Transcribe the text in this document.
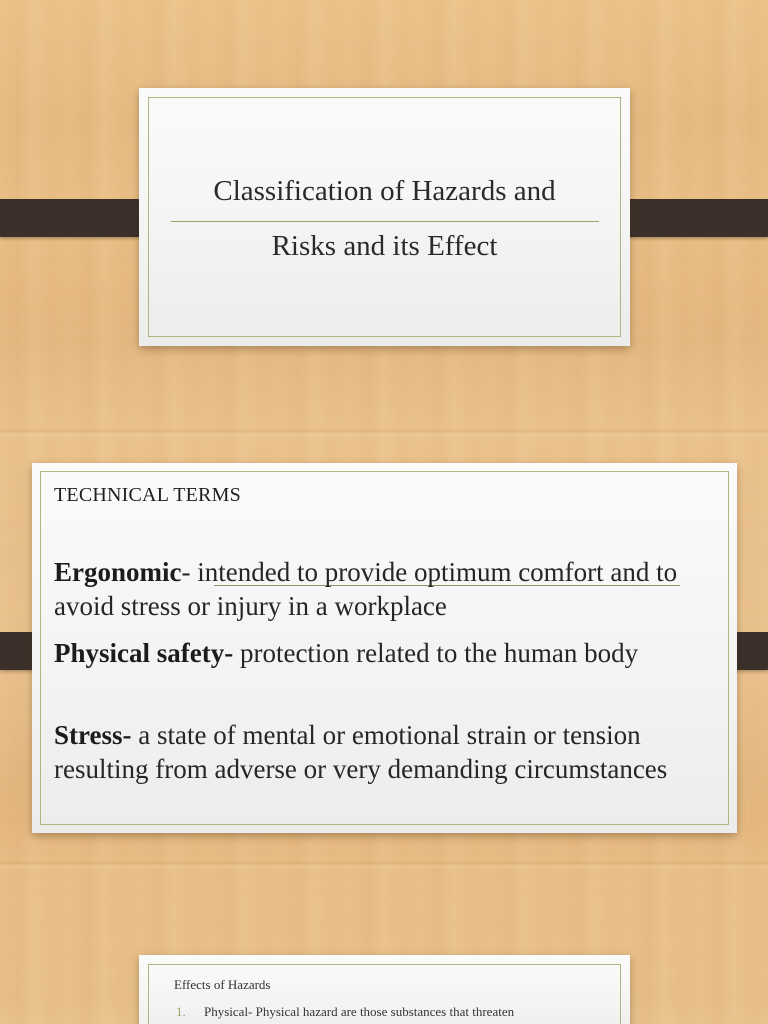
Classification of Hazards and
Risks and its Effect
TECHNICAL TERMS
Ergonomic- intended to provide optimum comfort and to avoid stress or injury in a workplace
Physical safety- protection related to the human body
Stress- a state of mental or emotional strain or tension resulting from adverse or very demanding circumstances
Effects of Hazards
1. Physical- Physical hazard are those substances that threaten
